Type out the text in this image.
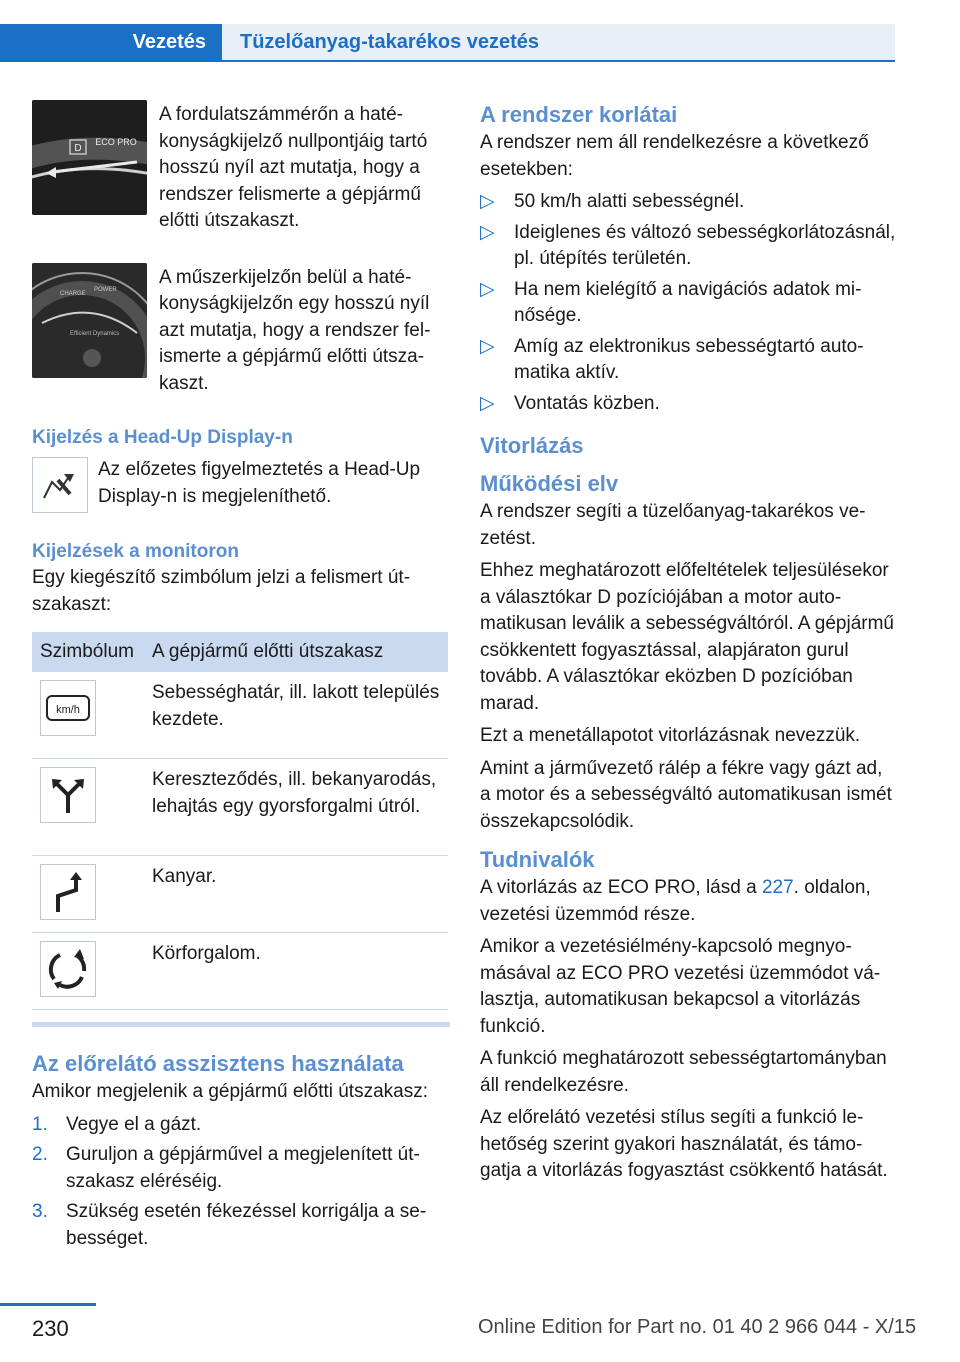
Vezetés	Tüzelőanyag-takarékos vezetés
D
ECO PRO
A fordulatszámmérőn a hatékonyságkijelző nullpontjáig tartó hosszú nyíl azt mutatja, hogy a rendszer felismerte a gépjármű előtti útszakaszt.
CHARGE
POWER
Efficient Dynamics
A műszerkijelzőn belül a hatékonyságkijelzőn egy hosszú nyíl azt mutatja, hogy a rendszer felismerte a gépjármű előtti útszakaszt.
Kijelzés a Head-Up Display-n
Az előzetes figyelmeztetés a Head-Up Display-n is megjeleníthető.
Kijelzések a monitoron

Egy kiegészítő szimbólum jelzi a felismert útszakaszt:

Szimbólum	A gépjármű előtti útszakasz

km/h	Sebességhatár, ill. lakott település kezdete.

	Kereszteződés, ill. bekanyarodás, lehajtás egy gyorsforgalmi útról.

	Kanyar.

	Körforgalom.
Az előrelátó asszisztens használata

Amikor megjelenik a gépjármű előtti útszakasz:

1. Vegye el a gázt.
2. Guruljon a gépjárművel a megjelenített útszakasz eléréséig.
3. Szükség esetén fékezéssel korrigálja a sebességet.
A rendszer korlátai

A rendszer nem áll rendelkezésre a következő esetekben:

▷	50 km/h alatti sebességnél.
▷	Ideiglenes és változó sebességkorlátozásnál, pl. útépítés területén.
▷	Ha nem kielégítő a navigációs adatok minősége.
▷	Amíg az elektronikus sebességtartó automatika aktív.
▷	Vontatás közben.
Vitorlázás
Működési elv

A rendszer segíti a tüzelőanyag-takarékos vezetést.

Ehhez meghatározott előfeltételek teljesülésekor a választókar D pozíciójában a motor automatikusan leválik a sebességváltóról. A gépjármű csökkentett fogyasztással, alapjáraton gurul tovább. A választókar eközben D pozícióban marad.

Ezt a menetállapotot vitorlázásnak nevezzük.

Amint a járművezető rálép a fékre vagy gázt ad, a motor és a sebességváltó automatikusan ismét összekapcsolódik.

Tudnivalók

A vitorlázás az ECO PRO, lásd a 227. oldalon, vezetési üzemmód része.

Amikor a vezetésiélmény-kapcsoló megnyomásával az ECO PRO vezetési üzemmódot választja, automatikusan bekapcsol a vitorlázás funkció.

A funkció meghatározott sebességtartományban áll rendelkezésre.

Az előrelátó vezetési stílus segíti a funkció lehetőség szerint gyakori használatát, és támogatja a vitorlázás fogyasztást csökkentő hatását.

230	Online Edition for Part no. 01 40 2 966 044 - X/15
